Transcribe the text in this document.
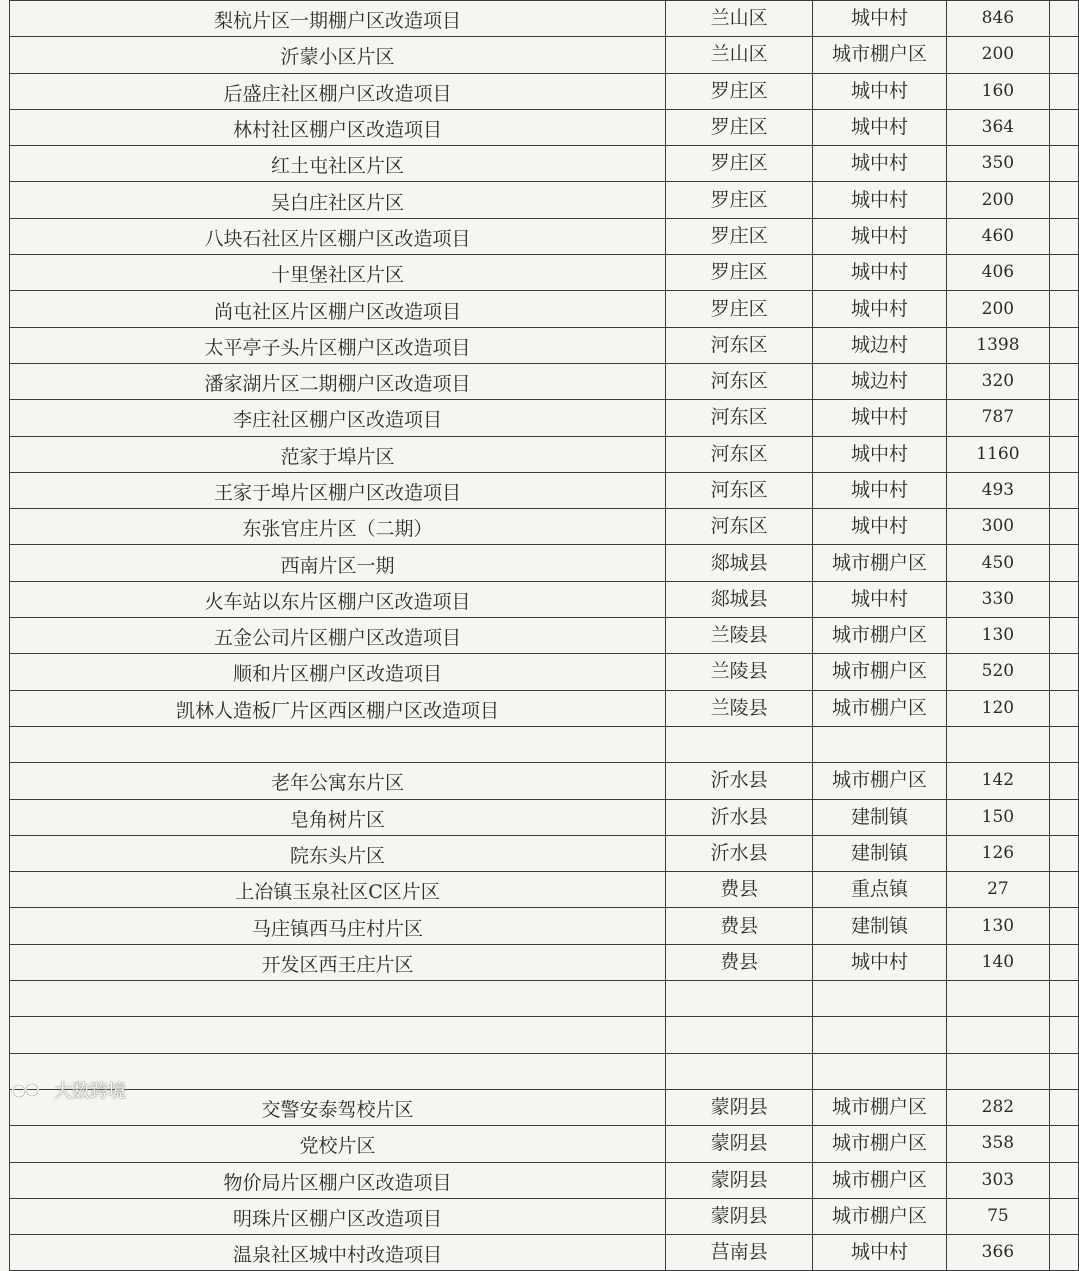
梨杭片区一期棚户区改造项目	兰山区	城中村	846	
沂蒙小区片区	兰山区	城市棚户区	200	
后盛庄社区棚户区改造项目	罗庄区	城中村	160	
林村社区棚户区改造项目	罗庄区	城中村	364	
红土屯社区片区	罗庄区	城中村	350	
吴白庄社区片区	罗庄区	城中村	200	
八块石社区片区棚户区改造项目	罗庄区	城中村	460	
十里堡社区片区	罗庄区	城中村	406	
尚屯社区片区棚户区改造项目	罗庄区	城中村	200	
太平亭子头片区棚户区改造项目	河东区	城边村	1398	
潘家湖片区二期棚户区改造项目	河东区	城边村	320	
李庄社区棚户区改造项目	河东区	城中村	787	
范家于埠片区	河东区	城中村	1160	
王家于埠片区棚户区改造项目	河东区	城中村	493	
东张官庄片区（二期）	河东区	城中村	300	
西南片区一期	郯城县	城市棚户区	450	
火车站以东片区棚户区改造项目	郯城县	城中村	330	
五金公司片区棚户区改造项目	兰陵县	城市棚户区	130	
顺和片区棚户区改造项目	兰陵县	城市棚户区	520	
凯林人造板厂片区西区棚户区改造项目	兰陵县	城市棚户区	120	

老年公寓东片区	沂水县	城市棚户区	142	
皂角树片区	沂水县	建制镇	150	
院东头片区	沂水县	建制镇	126	
上冶镇玉泉社区C区片区	费县	重点镇	27	
马庄镇西马庄村片区	费县	建制镇	130	
开发区西王庄片区	费县	城中村	140	

交警安泰驾校片区	蒙阴县	城市棚户区	282	
党校片区	蒙阴县	城市棚户区	358	
物价局片区棚户区改造项目	蒙阴县	城市棚户区	303	
明珠片区棚户区改造项目	蒙阴县	城市棚户区	75	
温泉社区城中村改造项目	莒南县	城中村	366	
大数跨境
